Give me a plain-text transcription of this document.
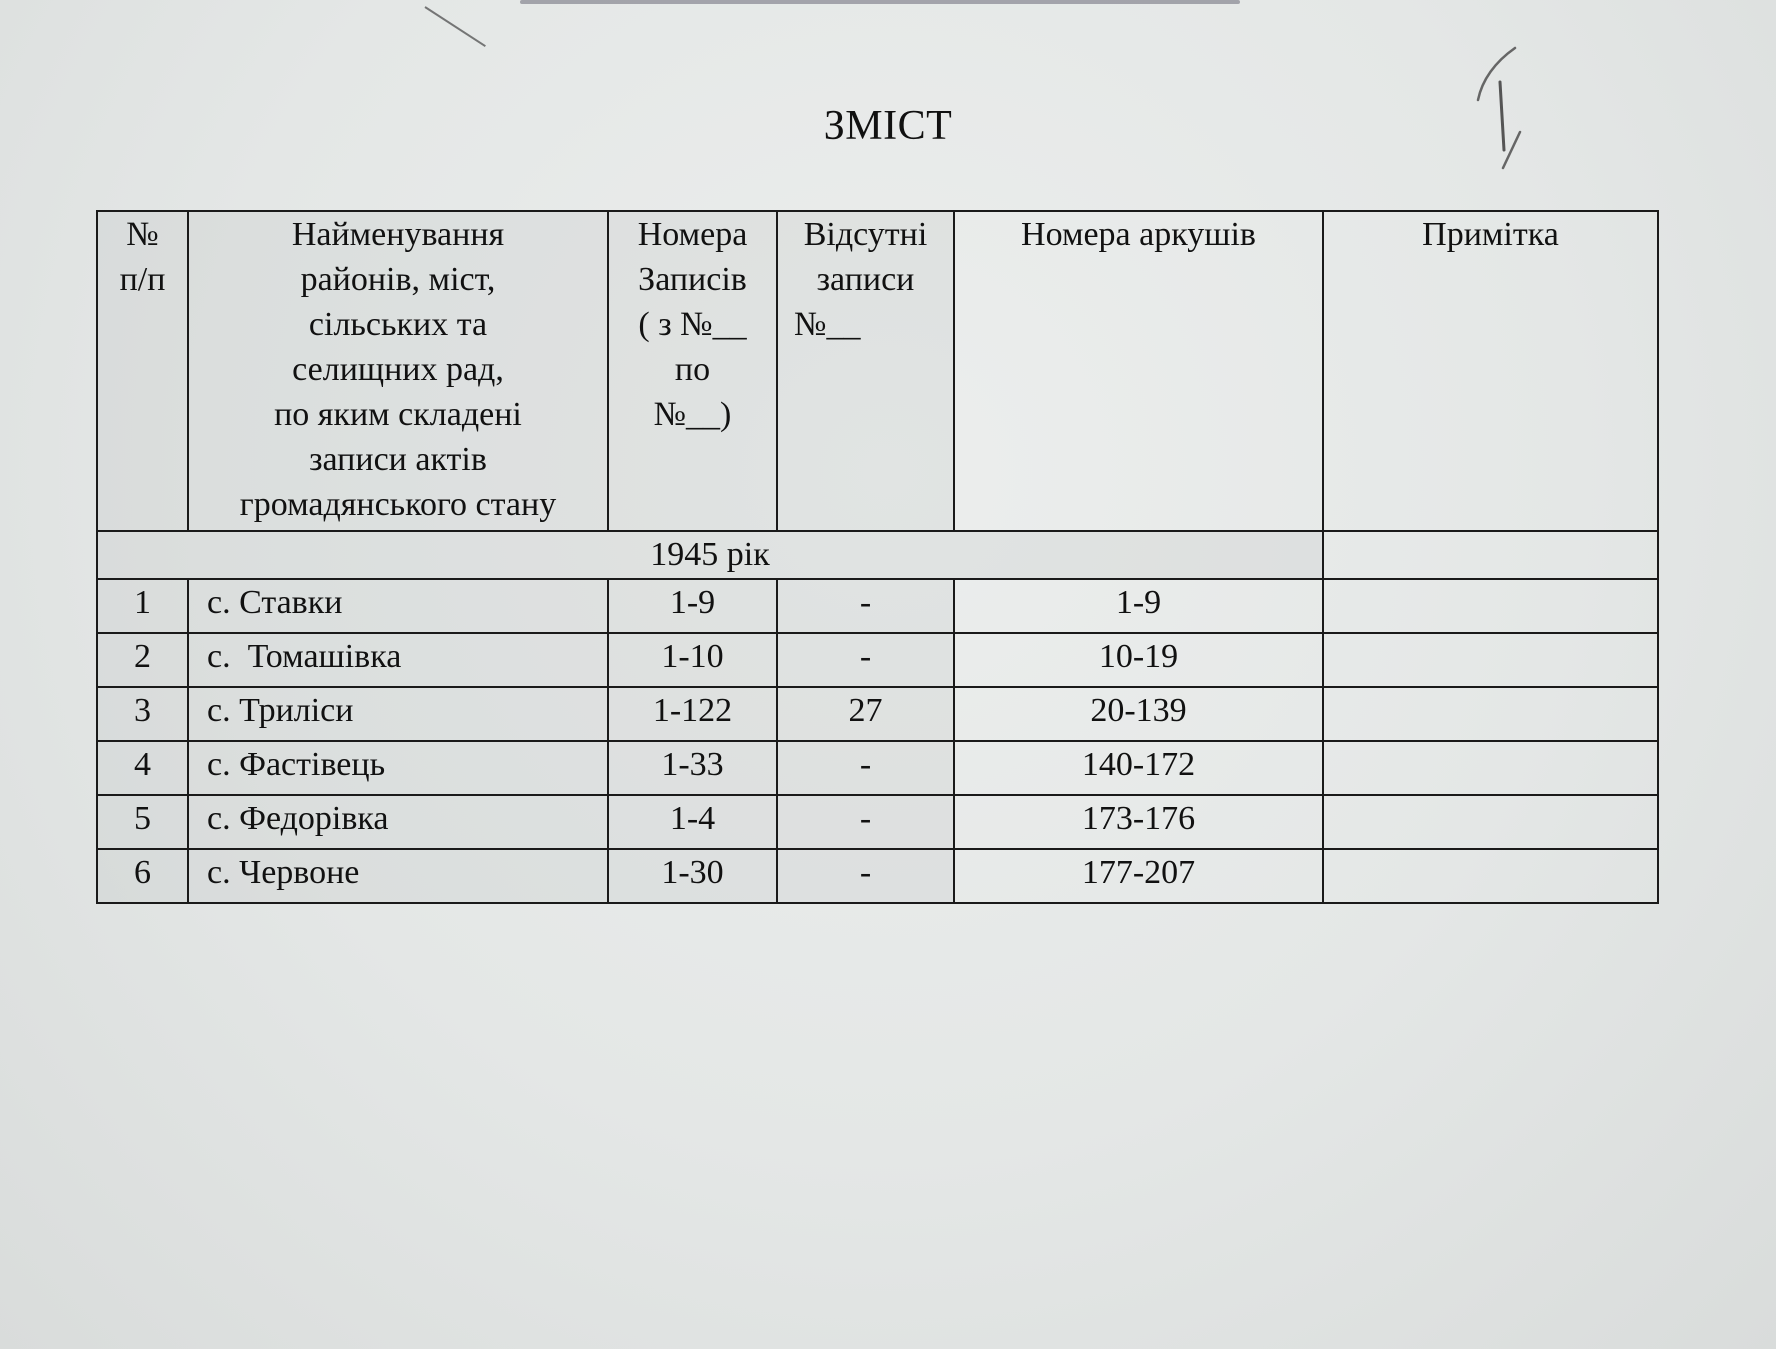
ЗМІСТ
№
п/п

Найменування
районів, міст,
сільських та
селищних рад,
по яким складені
записи актів
громадянського стану

Номера
Записів
( з №__
по
№__)

Відсутні
записи
№__

Номера аркушів	Примітка

1945 рік					
1	с. Ставки	1-9	-	1-9	
2	с.  Томашівка	1-10	-	10-19	
3	с. Триліси	1-122	27	20-139	
4	с. Фастівець	1-33	-	140-172	
5	с. Федорівка	1-4	-	173-176	
6	с. Червоне	1-30	-	177-207	
